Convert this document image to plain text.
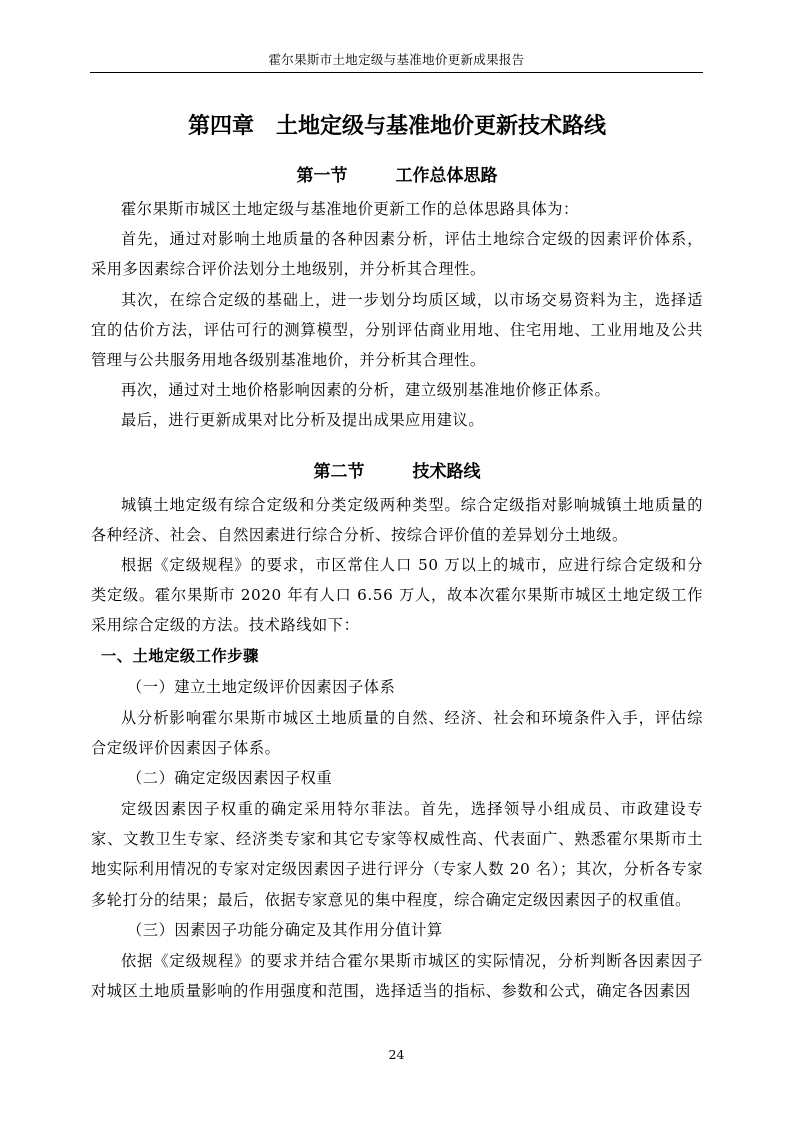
霍尔果斯市土地定级与基准地价更新成果报告
第四章 土地定级与基准地价更新技术路线
第一节	工作总体思路

霍尔果斯市城区土地定级与基准地价更新工作的总体思路具体为：

首先，通过对影响土地质量的各种因素分析，评估土地综合定级的因素评价体系，采用多因素综合评价法划分土地级别，并分析其合理性。

其次，在综合定级的基础上，进一步划分均质区域，以市场交易资料为主，选择适宜的估价方法，评估可行的测算模型，分别评估商业用地、住宅用地、工业用地及公共管理与公共服务用地各级别基准地价，并分析其合理性。

再次，通过对土地价格影响因素的分析，建立级别基准地价修正体系。

最后，进行更新成果对比分析及提出成果应用建议。

第二节	技术路线

城镇土地定级有综合定级和分类定级两种类型。综合定级指对影响城镇土地质量的各种经济、社会、自然因素进行综合分析、按综合评价值的差异划分土地级。

根据《定级规程》的要求，市区常住人口 50 万以上的城市，应进行综合定级和分类定级。霍尔果斯市 2020 年有人口 6.56 万人，故本次霍尔果斯市城区土地定级工作采用综合定级的方法。技术路线如下：

一、土地定级工作步骤
（一）建立土地定级评价因素因子体系

从分析影响霍尔果斯市城区土地质量的自然、经济、社会和环境条件入手，评估综合定级评价因素因子体系。

（二）确定定级因素因子权重

定级因素因子权重的确定采用特尔菲法。首先，选择领导小组成员、市政建设专家、文教卫生专家、经济类专家和其它专家等权威性高、代表面广、熟悉霍尔果斯市土地实际利用情况的专家对定级因素因子进行评分（专家人数 20 名）；其次，分析各专家多轮打分的结果；最后，依据专家意见的集中程度，综合确定定级因素因子的权重值。

（三）因素因子功能分确定及其作用分值计算

依据《定级规程》的要求并结合霍尔果斯市城区的实际情况，分析判断各因素因子对城区土地质量影响的作用强度和范围，选择适当的指标、参数和公式，确定各因素因

24
